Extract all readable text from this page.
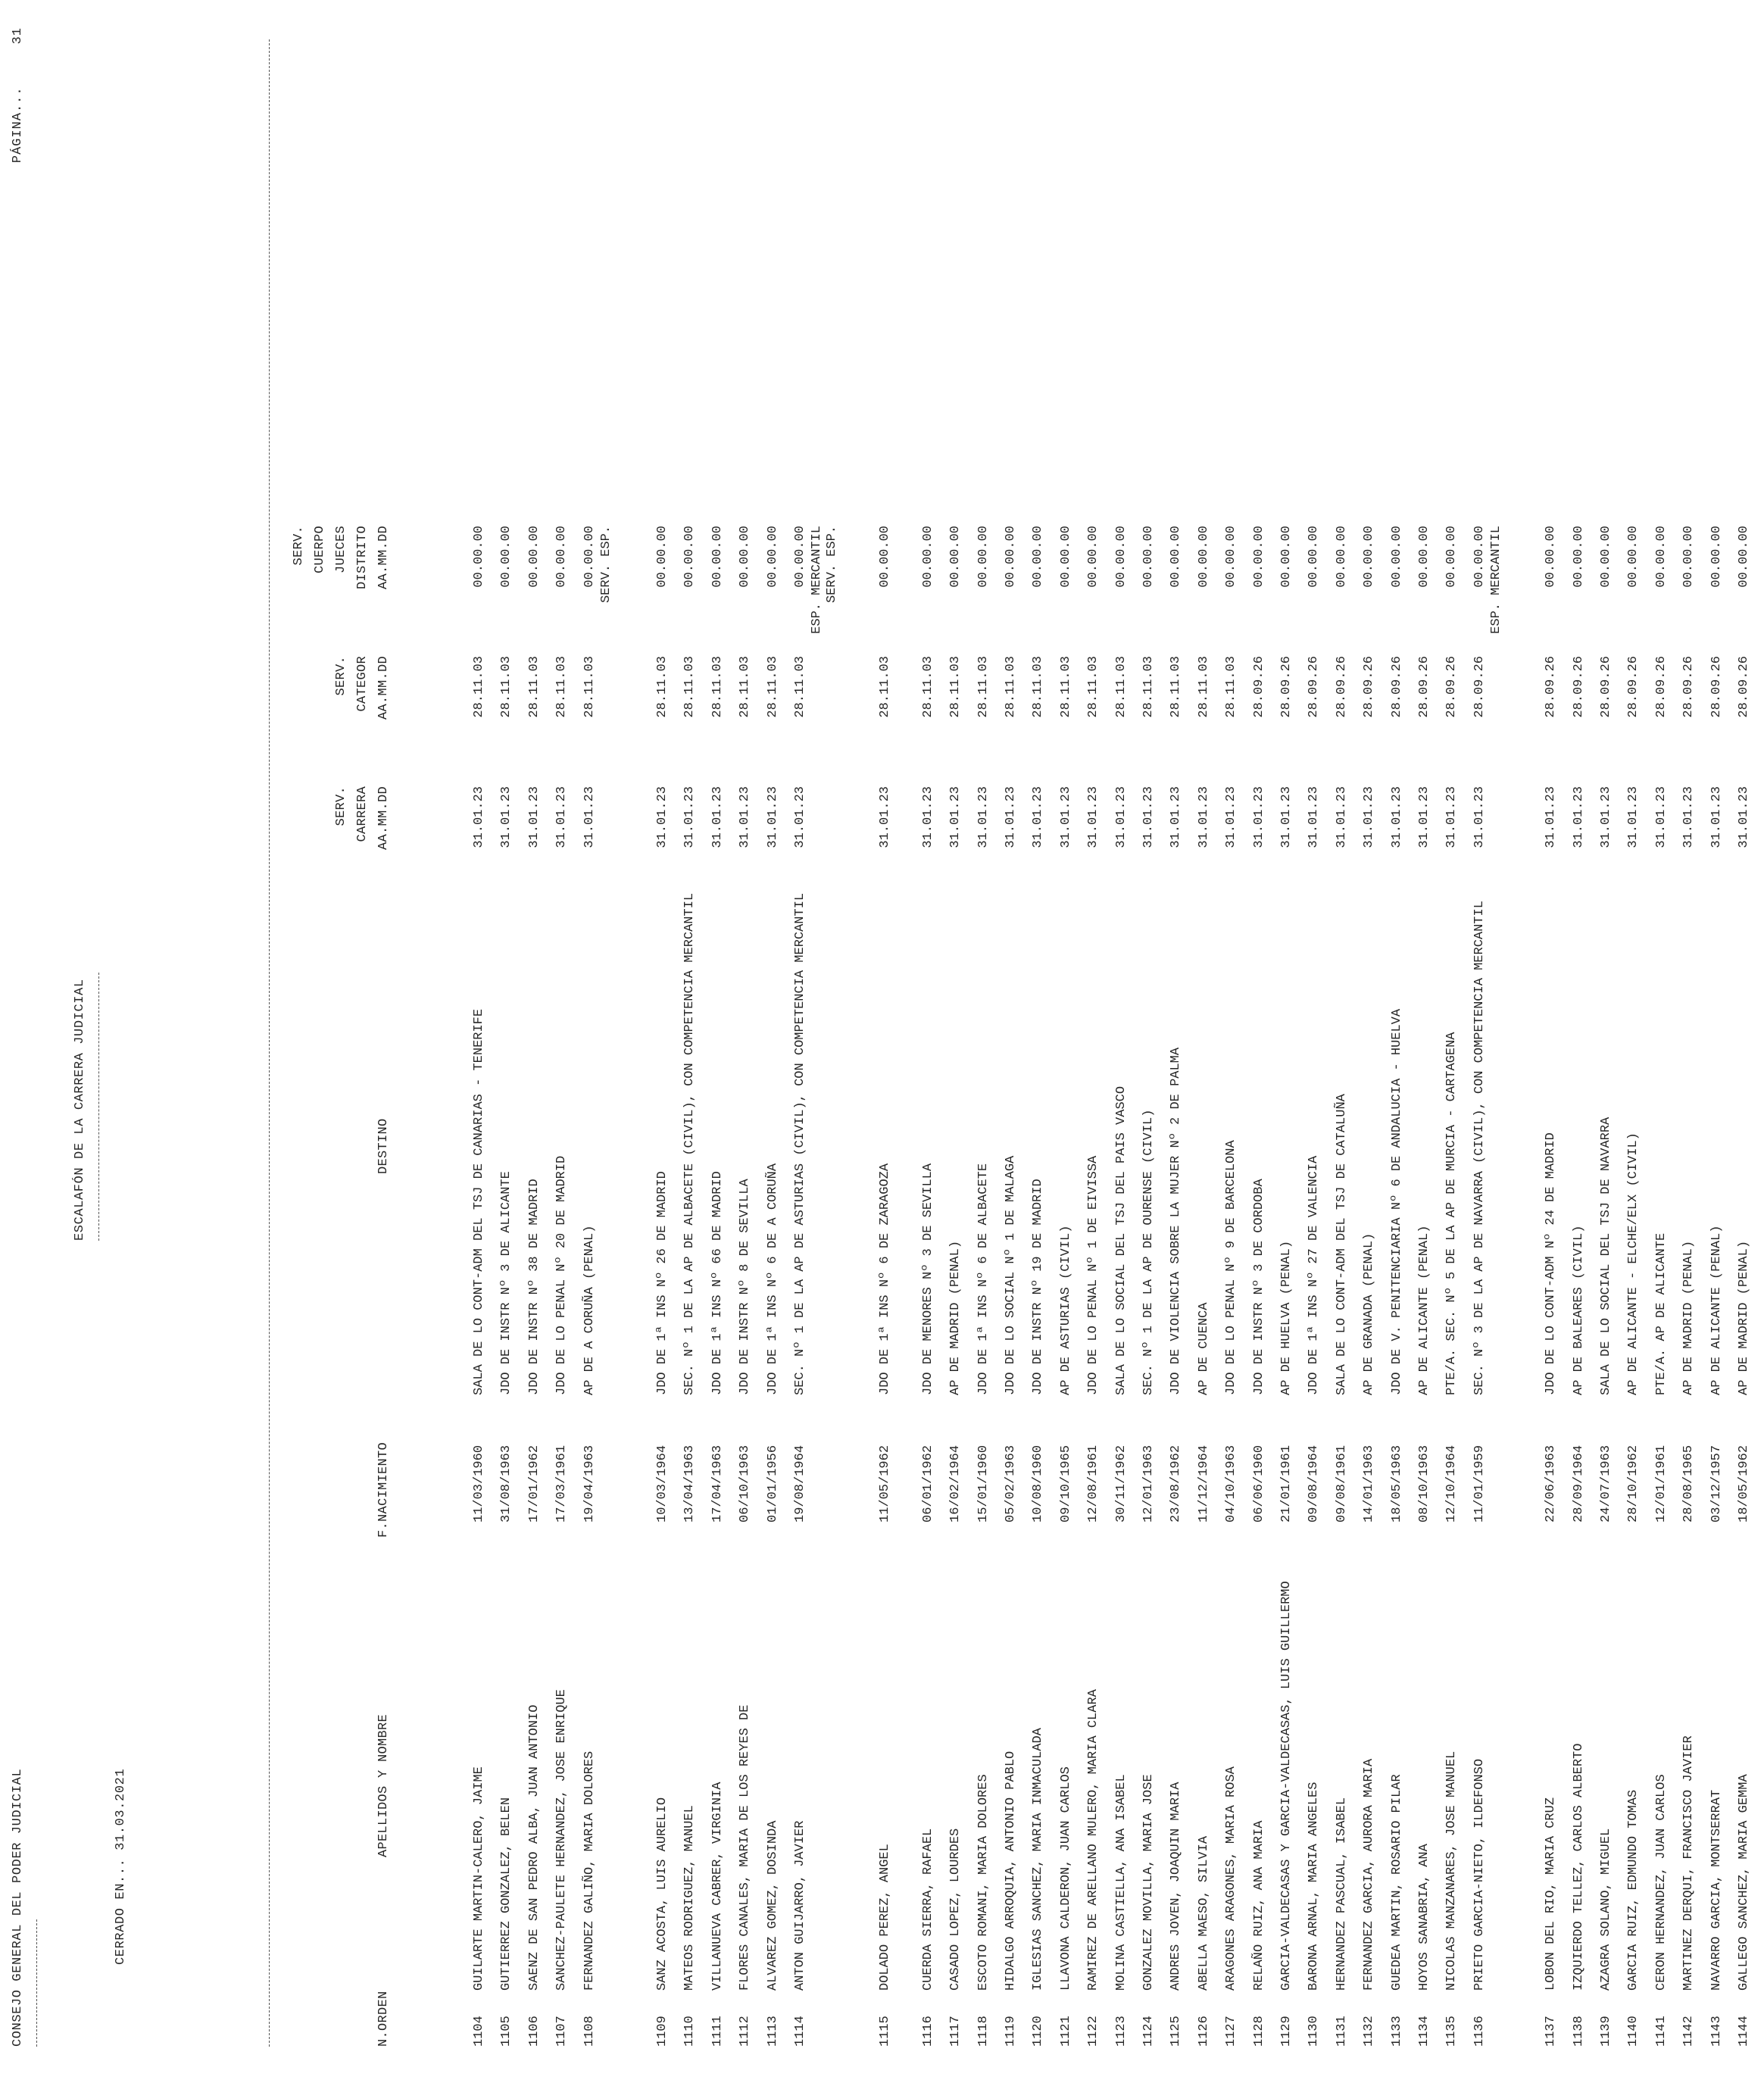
CONSEJO GENERAL DEL PODER JUDICIAL

PÁGINA...     31

CERRADO EN... 31.03.2021

ESCALAFÓN DE LA CARRERA JUDICIAL

N.ORDEN

APELLIDOS Y NOMBRE

F.NACIMIENTO

DESTINO

SERV.

CARRERA

AA.MM.DD

SERV.

CATEGOR

AA.MM.DD

SERV.

CUERPO

JUECES

DISTRITO

AA.MM.DD

1104
GUILARTE MARTIN-CALERO, JAIME
11/03/1960
SALA DE LO CONT-ADM DEL TSJ DE CANARIAS - TENERIFE
31.01.23
28.11.03
00.00.00
1105
GUTIERREZ GONZALEZ, BELEN
31/08/1963
JDO DE INSTR Nº 3 DE ALICANTE
31.01.23
28.11.03
00.00.00
1106
SAENZ DE SAN PEDRO ALBA, JUAN ANTONIO
17/01/1962
JDO DE INSTR Nº 38 DE MADRID
31.01.23
28.11.03
00.00.00
1107
SANCHEZ-PAULETE HERNANDEZ, JOSE ENRIQUE
17/03/1961
JDO DE LO PENAL Nº 20 DE MADRID
31.01.23
28.11.03
00.00.00
1108
FERNANDEZ GALIÑO, MARIA DOLORES
19/04/1963
AP DE A CORUÑA (PENAL)
31.01.23
28.11.03
00.00.00 SERV. ESP.
1109
SANZ ACOSTA, LUIS AURELIO
10/03/1964
JDO DE 1ª INS Nº 26 DE MADRID
31.01.23
28.11.03
00.00.00
1110
MATEOS RODRIGUEZ, MANUEL
13/04/1963
SEC. Nº 1 DE LA AP DE ALBACETE (CIVIL), CON COMPETENCIA MERCANTIL
31.01.23
28.11.03
00.00.00
1111
VILLANUEVA CABRER, VIRGINIA
17/04/1963
JDO DE 1ª INS Nº 66 DE MADRID
31.01.23
28.11.03
00.00.00
1112
FLORES CANALES, MARIA DE LOS REYES DE
06/10/1963
JDO DE INSTR Nº 8 DE SEVILLA
31.01.23
28.11.03
00.00.00
1113
ALVAREZ GOMEZ, DOSINDA
01/01/1956
JDO DE 1ª INS Nº 6 DE A CORUÑA
31.01.23
28.11.03
00.00.00
1114
ANTON GUIJARRO, JAVIER
19/08/1964
SEC. Nº 1 DE LA AP DE ASTURIAS (CIVIL), CON COMPETENCIA MERCANTIL
31.01.23
28.11.03
00.00.00 ESP. MERCANTIL SERV. ESP.
1115
DOLADO PEREZ, ANGEL
11/05/1962
JDO DE 1ª INS Nº 6 DE ZARAGOZA
31.01.23
28.11.03
00.00.00
1116
CUERDA SIERRA, RAFAEL
06/01/1962
JDO DE MENORES Nº 3 DE SEVILLA
31.01.23
28.11.03
00.00.00
1117
CASADO LOPEZ, LOURDES
16/02/1964
AP DE MADRID (PENAL)
31.01.23
28.11.03
00.00.00
1118
ESCOTO ROMANI, MARIA DOLORES
15/01/1960
JDO DE 1ª INS Nº 6 DE ALBACETE
31.01.23
28.11.03
00.00.00
1119
HIDALGO ARROQUIA, ANTONIO PABLO
05/02/1963
JDO DE LO SOCIAL Nº 1 DE MALAGA
31.01.23
28.11.03
00.00.00
1120
IGLESIAS SANCHEZ, MARIA INMACULADA
10/08/1960
JDO DE INSTR Nº 19 DE MADRID
31.01.23
28.11.03
00.00.00
1121
LLAVONA CALDERON, JUAN CARLOS
09/10/1965
AP DE ASTURIAS (CIVIL)
31.01.23
28.11.03
00.00.00
1122
RAMIREZ DE ARELLANO MULERO, MARIA CLARA
12/08/1961
JDO DE LO PENAL Nº 1 DE EIVISSA
31.01.23
28.11.03
00.00.00
1123
MOLINA CASTIELLA, ANA ISABEL
30/11/1962
SALA DE LO SOCIAL DEL TSJ DEL PAIS VASCO
31.01.23
28.11.03
00.00.00
1124
GONZALEZ MOVILLA, MARIA JOSE
12/01/1963
SEC. Nº 1 DE LA AP DE OURENSE (CIVIL)
31.01.23
28.11.03
00.00.00
1125
ANDRES JOVEN, JOAQUIN MARIA
23/08/1962
JDO DE VIOLENCIA SOBRE LA MUJER Nº 2 DE PALMA
31.01.23
28.11.03
00.00.00
1126
ABELLA MAESO, SILVIA
11/12/1964
AP DE CUENCA
31.01.23
28.11.03
00.00.00
1127
ARAGONES ARAGONES, MARIA ROSA
04/10/1963
JDO DE LO PENAL Nº 9 DE BARCELONA
31.01.23
28.11.03
00.00.00
1128
RELAÑO RUIZ, ANA MARIA
06/06/1960
JDO DE INSTR Nº 3 DE CORDOBA
31.01.23
28.09.26
00.00.00
1129
GARCIA-VALDECASAS Y GARCIA-VALDECASAS, LUIS GUILLERMO
21/01/1961
AP DE HUELVA (PENAL)
31.01.23
28.09.26
00.00.00
1130
BARONA ARNAL, MARIA ANGELES
09/08/1964
JDO DE 1ª INS Nº 27 DE VALENCIA
31.01.23
28.09.26
00.00.00
1131
HERNANDEZ PASCUAL, ISABEL
09/08/1961
SALA DE LO CONT-ADM DEL TSJ DE CATALUÑA
31.01.23
28.09.26
00.00.00
1132
FERNANDEZ GARCIA, AURORA MARIA
14/01/1963
AP DE GRANADA (PENAL)
31.01.23
28.09.26
00.00.00
1133
GUEDEA MARTIN, ROSARIO PILAR
18/05/1963
JDO DE V. PENITENCIARIA Nº 6 DE ANDALUCIA - HUELVA
31.01.23
28.09.26
00.00.00
1134
HOYOS SANABRIA, ANA
08/10/1963
AP DE ALICANTE (PENAL)
31.01.23
28.09.26
00.00.00
1135
NICOLAS MANZANARES, JOSE MANUEL
12/10/1964
PTE/A. SEC. Nº 5 DE LA AP DE MURCIA - CARTAGENA
31.01.23
28.09.26
00.00.00
1136
PRIETO GARCIA-NIETO, ILDEFONSO
11/01/1959
SEC. Nº 3 DE LA AP DE NAVARRA (CIVIL), CON COMPETENCIA MERCANTIL
31.01.23
28.09.26
00.00.00 ESP. MERCANTIL
1137
LOBON DEL RIO, MARIA CRUZ
22/06/1963
JDO DE LO CONT-ADM Nº 24 DE MADRID
31.01.23
28.09.26
00.00.00
1138
IZQUIERDO TELLEZ, CARLOS ALBERTO
28/09/1964
AP DE BALEARES (CIVIL)
31.01.23
28.09.26
00.00.00
1139
AZAGRA SOLANO, MIGUEL
24/07/1963
SALA DE LO SOCIAL DEL TSJ DE NAVARRA
31.01.23
28.09.26
00.00.00
1140
GARCIA RUIZ, EDMUNDO TOMAS
28/10/1962
AP DE ALICANTE - ELCHE/ELX (CIVIL)
31.01.23
28.09.26
00.00.00
1141
CERON HERNANDEZ, JUAN CARLOS
12/01/1961
PTE/A. AP DE ALICANTE
31.01.23
28.09.26
00.00.00
1142
MARTINEZ DERQUI, FRANCISCO JAVIER
28/08/1965
AP DE MADRID (PENAL)
31.01.23
28.09.26
00.00.00
1143
NAVARRO GARCIA, MONTSERRAT
03/12/1957
AP DE ALICANTE (PENAL)
31.01.23
28.09.26
00.00.00
1144
GALLEGO SANCHEZ, MARIA GEMMA
18/05/1962
AP DE MADRID (PENAL)
31.01.23
28.09.26
00.00.00
